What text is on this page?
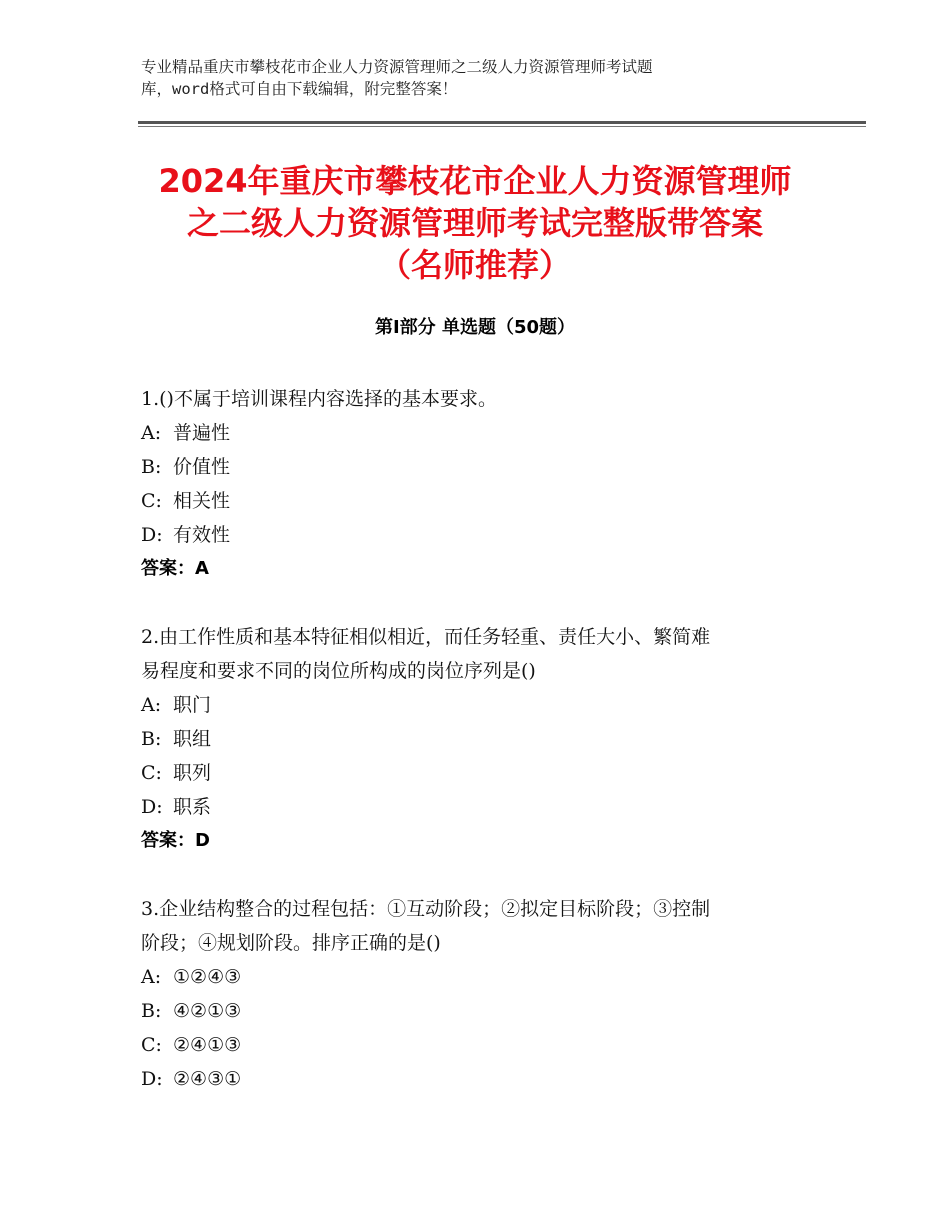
专业精品重庆市攀枝花市企业人力资源管理师之二级人力资源管理师考试题
库，word格式可自由下载编辑，附完整答案！
2024年重庆市攀枝花市企业人力资源管理师
之二级人力资源管理师考试完整版带答案
（名师推荐）
第Ⅰ部分 单选题（50题）
1.()不属于培训课程内容选择的基本要求。
A: 普遍性
B: 价值性
C: 相关性
D: 有效性
答案：A
2.由工作性质和基本特征相似相近，而任务轻重、责任大小、繁简难
易程度和要求不同的岗位所构成的岗位序列是()
A: 职门
B: 职组
C: 职列
D: 职系
答案：D
3.企业结构整合的过程包括：①互动阶段；②拟定目标阶段；③控制
阶段；④规划阶段。排序正确的是()
A: ①②④③
B: ④②①③
C: ②④①③
D: ②④③①
